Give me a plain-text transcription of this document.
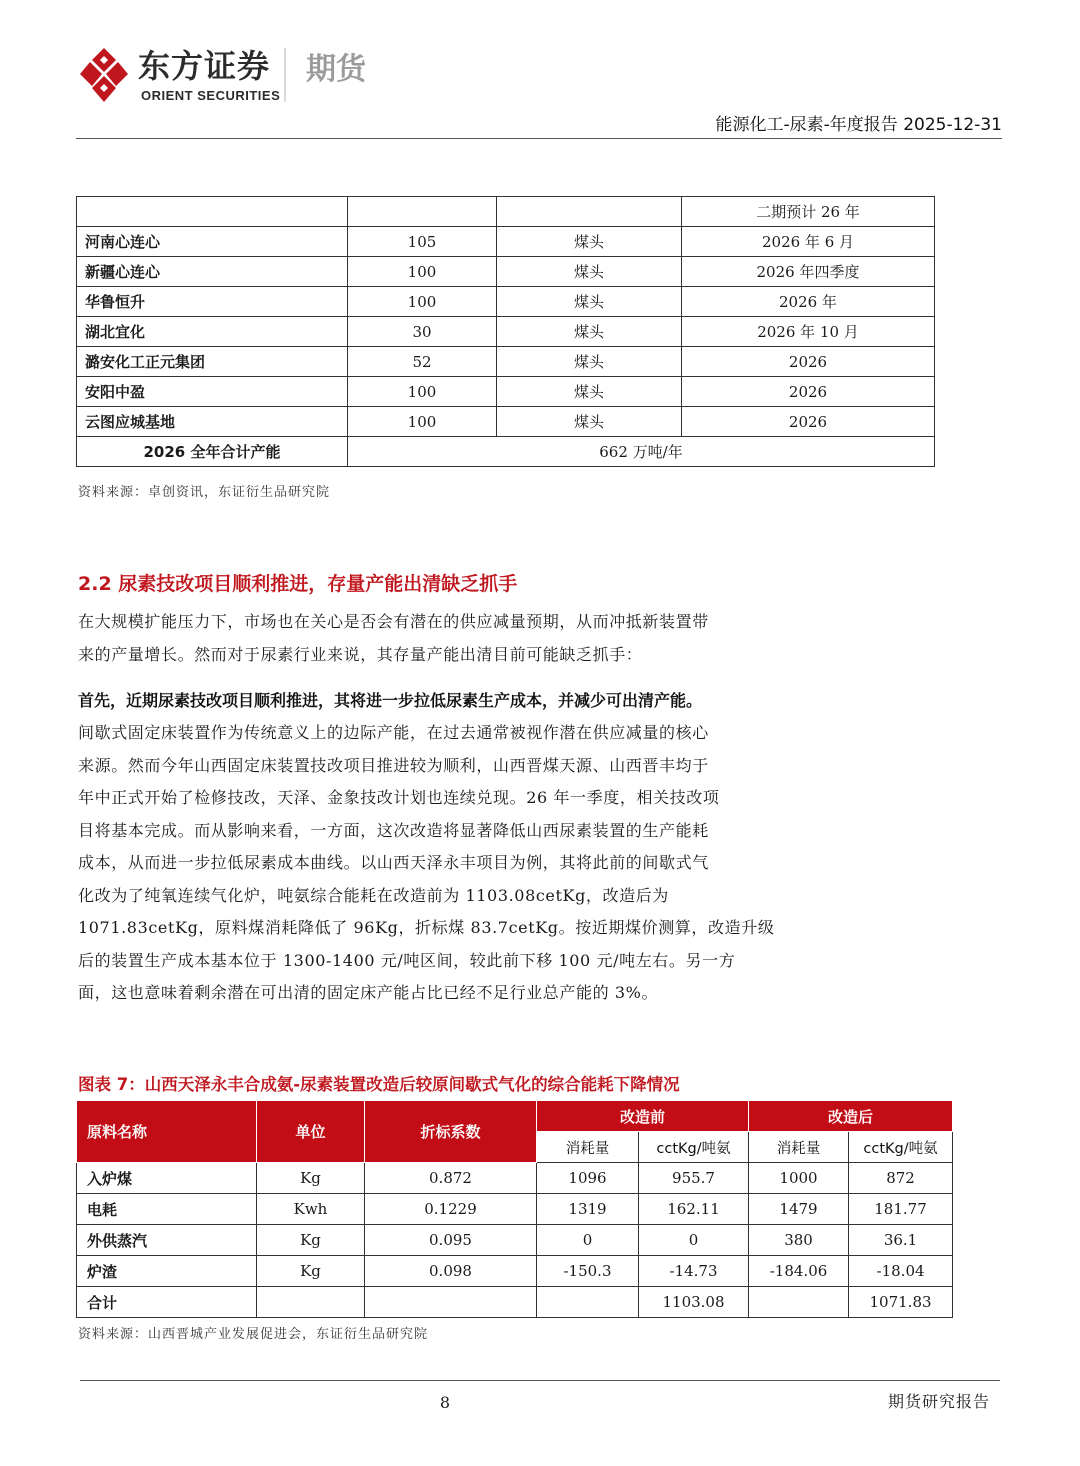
东方证券
ORIENT SECURITIES
期货
能源化工-尿素-年度报告 2025-12-31
			二期预计 26 年
河南心连心	105	煤头	2026 年 6 月
新疆心连心	100	煤头	2026 年四季度
华鲁恒升	100	煤头	2026 年
湖北宜化	30	煤头	2026 年 10 月
潞安化工正元集团	52	煤头	2026
安阳中盈	100	煤头	2026
云图应城基地	100	煤头	2026
2026 全年合计产能	662 万吨/年		
资料来源：卓创资讯，东证衍生品研究院
2.2 尿素技改项目顺利推进，存量产能出清缺乏抓手
在大规模扩能压力下，市场也在关心是否会有潜在的供应减量预期，从而冲抵新装置带
来的产量增长。然而对于尿素行业来说，其存量产能出清目前可能缺乏抓手：
首先，近期尿素技改项目顺利推进，其将进一步拉低尿素生产成本，并减少可出清产能。
间歇式固定床装置作为传统意义上的边际产能，在过去通常被视作潜在供应减量的核心
来源。然而今年山西固定床装置技改项目推进较为顺利，山西晋煤天源、山西晋丰均于
年中正式开始了检修技改，天泽、金象技改计划也连续兑现。26 年一季度，相关技改项
目将基本完成。而从影响来看，一方面，这次改造将显著降低山西尿素装置的生产能耗
成本，从而进一步拉低尿素成本曲线。以山西天泽永丰项目为例，其将此前的间歇式气
化改为了纯氧连续气化炉，吨氨综合能耗在改造前为 1103.08cetKg，改造后为
1071.83cetKg，原料煤消耗降低了 96Kg，折标煤 83.7cetKg。按近期煤价测算，改造升级
后的装置生产成本基本位于 1300-1400 元/吨区间，较此前下移 100 元/吨左右。另一方
面，这也意味着剩余潜在可出清的固定床产能占比已经不足行业总产能的 3%。
图表 7：山西天泽永丰合成氨-尿素装置改造后较原间歇式气化的综合能耗下降情况
原料名称	单位	折标系数	改造前		改造后	
			消耗量	cctKg/吨氨	消耗量	cctKg/吨氨
入炉煤	Kg	0.872	1096	955.7	1000	872
电耗	Kwh	0.1229	1319	162.11	1479	181.77
外供蒸汽	Kg	0.095	0	0	380	36.1
炉渣	Kg	0.098	-150.3	-14.73	-184.06	-18.04
合计				1103.08		1071.83
资料来源：山西晋城产业发展促进会，东证衍生品研究院
8	期货研究报告
